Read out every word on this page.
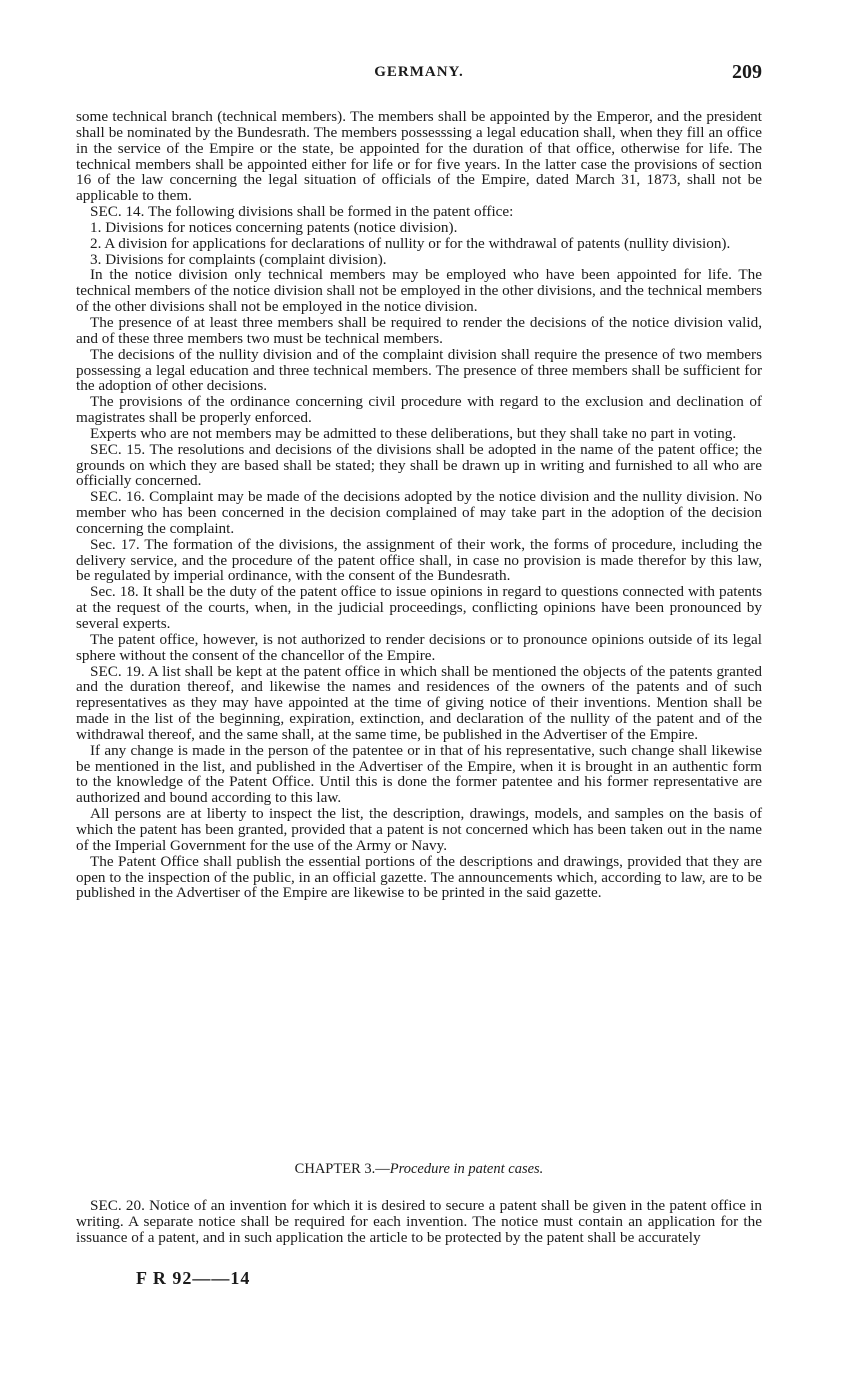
GERMANY.	209

some technical branch (technical members). The members shall be appointed by the Emperor, and the president shall be nominated by the Bundesrath. The members possesssing a legal education shall, when they fill an office in the service of the Empire or the state, be appointed for the duration of that office, otherwise for life. The technical members shall be appointed either for life or for five years. In the latter case the provisions of section 16 of the law concerning the legal situation of officials of the Empire, dated March 31, 1873, shall not be applicable to them.

SEC. 14. The following divisions shall be formed in the patent office:

1. Divisions for notices concerning patents (notice division).

2. A division for applications for declarations of nullity or for the withdrawal of patents (nullity division).

3. Divisions for complaints (complaint division).

In the notice division only technical members may be employed who have been appointed for life. The technical members of the notice division shall not be employed in the other divisions, and the technical members of the other divisions shall not be employed in the notice division.

The presence of at least three members shall be required to render the decisions of the notice division valid, and of these three members two must be technical members.

The decisions of the nullity division and of the complaint division shall require the presence of two members possessing a legal education and three technical members. The presence of three members shall be sufficient for the adoption of other decisions.

The provisions of the ordinance concerning civil procedure with regard to the exclusion and declination of magistrates shall be properly enforced.

Experts who are not members may be admitted to these deliberations, but they shall take no part in voting.

SEC. 15. The resolutions and decisions of the divisions shall be adopted in the name of the patent office; the grounds on which they are based shall be stated; they shall be drawn up in writing and furnished to all who are officially concerned.

SEC. 16. Complaint may be made of the decisions adopted by the notice division and the nullity division. No member who has been concerned in the decision complained of may take part in the adoption of the decision concerning the complaint.

Sec. 17. The formation of the divisions, the assignment of their work, the forms of procedure, including the delivery service, and the procedure of the patent office shall, in case no provision is made therefor by this law, be regulated by imperial ordinance, with the consent of the Bundesrath.

Sec. 18. It shall be the duty of the patent office to issue opinions in regard to questions connected with patents at the request of the courts, when, in the judicial proceedings, conflicting opinions have been pronounced by several experts.

The patent office, however, is not authorized to render decisions or to pronounce opinions outside of its legal sphere without the consent of the chancellor of the Empire.

SEC. 19. A list shall be kept at the patent office in which shall be mentioned the objects of the patents granted and the duration thereof, and likewise the names and residences of the owners of the patents and of such representatives as they may have appointed at the time of giving notice of their inventions. Mention shall be made in the list of the beginning, expiration, extinction, and declaration of the nullity of the patent and of the withdrawal thereof, and the same shall, at the same time, be published in the Advertiser of the Empire.

If any change is made in the person of the patentee or in that of his representative, such change shall likewise be mentioned in the list, and published in the Advertiser of the Empire, when it is brought in an authentic form to the knowledge of the Patent Office. Until this is done the former patentee and his former representative are authorized and bound according to this law.

All persons are at liberty to inspect the list, the description, drawings, models, and samples on the basis of which the patent has been granted, provided that a patent is not concerned which has been taken out in the name of the Imperial Government for the use of the Army or Navy.

The Patent Office shall publish the essential portions of the descriptions and drawings, provided that they are open to the inspection of the public, in an official gazette. The announcements which, according to law, are to be published in the Advertiser of the Empire are likewise to be printed in the said gazette.

CHAPTER 3.—Procedure in patent cases.

SEC. 20. Notice of an invention for which it is desired to secure a patent shall be given in the patent office in writing. A separate notice shall be required for each invention. The notice must contain an application for the issuance of a patent, and in such application the article to be protected by the patent shall be accurately

F R 92——14
